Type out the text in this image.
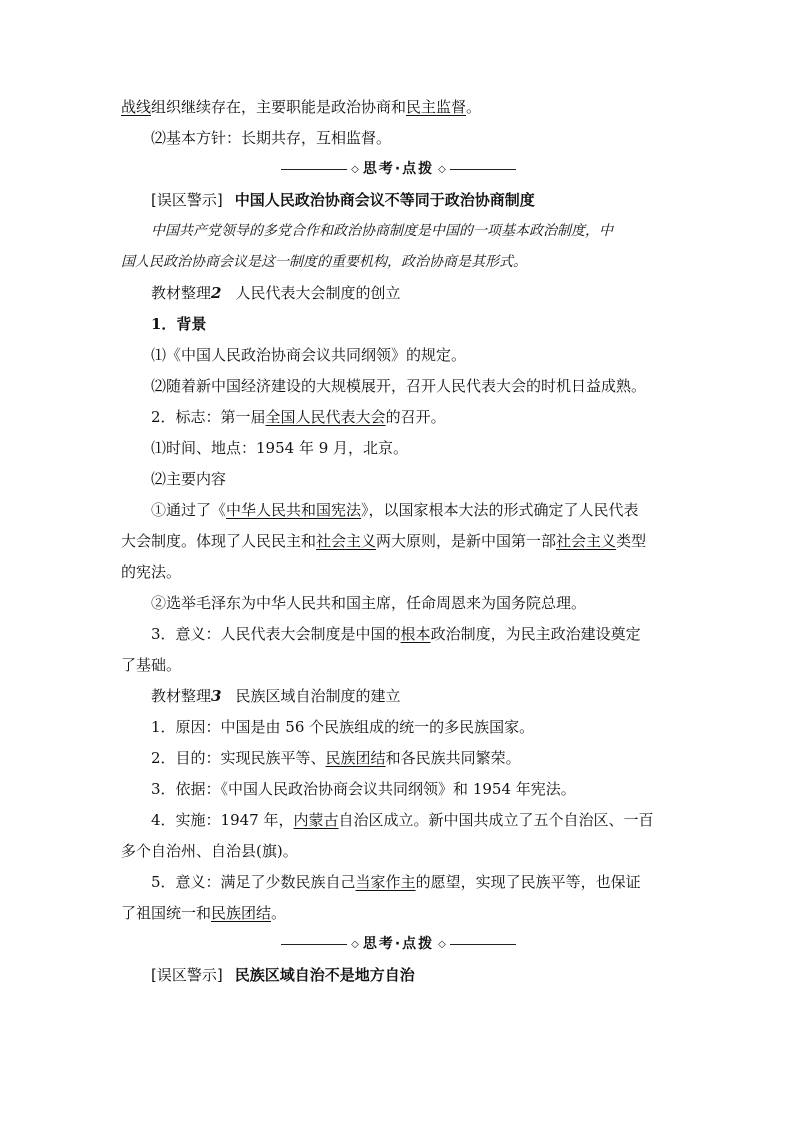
战线组织继续存在，主要职能是政治协商和民主监督。
⑵基本方针：长期共存，互相监督。
◇ 思考·点拨 ◇
[误区警示] 中国人民政治协商会议不等同于政治协商制度
中国共产党领导的多党合作和政治协商制度是中国的一项基本政治制度，中
国人民政治协商会议是这一制度的重要机构，政治协商是其形式。
教材整理2 人民代表大会制度的创立
1．背景
⑴《中国人民政治协商会议共同纲领》的规定。
⑵随着新中国经济建设的大规模展开，召开人民代表大会的时机日益成熟。
2．标志：第一届全国人民代表大会的召开。
⑴时间、地点：1954 年 9 月，北京。
⑵主要内容
①通过了《中华人民共和国宪法》，以国家根本大法的形式确定了人民代表
大会制度。体现了人民民主和社会主义两大原则，是新中国第一部社会主义类型
的宪法。
②选举毛泽东为中华人民共和国主席，任命周恩来为国务院总理。
3．意义：人民代表大会制度是中国的根本政治制度，为民主政治建设奠定
了基础。
教材整理3 民族区域自治制度的建立
1．原因：中国是由 56 个民族组成的统一的多民族国家。
2．目的：实现民族平等、民族团结和各民族共同繁荣。
3．依据：《中国人民政治协商会议共同纲领》和 1954 年宪法。
4．实施：1947 年，内蒙古自治区成立。新中国共成立了五个自治区、一百
多个自治州、自治县(旗)。
5．意义：满足了少数民族自己当家作主的愿望，实现了民族平等，也保证
了祖国统一和民族团结。
◇ 思考·点拨 ◇
[误区警示] 民族区域自治不是地方自治
